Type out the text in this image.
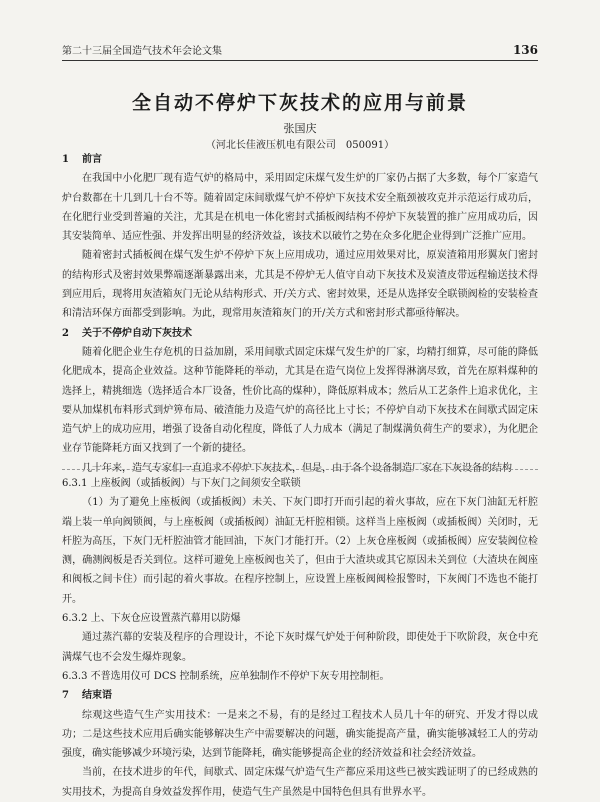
第二十三届全国造气技术年会论文集	136
全自动不停炉下灰技术的应用与前景
张国庆
（河北长佳液压机电有限公司　050091）
1 前言

在我国中小化肥厂现有造气炉的格局中，采用固定床煤气发生炉的厂家仍占据了大多数，每个厂家造气炉台数都在十几到几十台不等。随着固定床间歇煤气炉不停炉下灰技术安全瓶颈被攻克并示范运行成功后，在化肥行业受到普遍的关注，尤其是在机电一体化密封式插板阀结构不停炉下灰装置的推广应用成功后，因其安装简单、适应性强、并发挥出明显的经济效益，该技术以破竹之势在众多化肥企业得到广泛推广应用。

随着密封式插板阀在煤气发生炉不停炉下灰上应用成功，通过应用效果对比，原炭渣箱用形翼灰门密封的结构形式及密封效果弊端逐渐暴露出来，尤其是不停炉无人值守自动下灰技术及炭渣皮带远程输送技术得到应用后，现将用灰渣箱灰门无论从结构形式、开/关方式、密封效果，还是从选择安全联锁阀检的安装检查和清洁环保方面都受到影响。为此，现常用灰渣箱灰门的开/关方式和密封形式都亟待解决。

2 关于不停炉自动下灰技术

随着化肥企业生存危机的日益加剧，采用间歇式固定床煤气发生炉的厂家，均精打细算，尽可能的降低化肥成本，提高企业效益。这种节能降耗的举动，尤其是在造气岗位上发挥得淋漓尽致，首先在原料煤种的选择上，精挑细选（选择适合本厂设备，性价比高的煤种），降低原料成本；然后从工艺条件上追求优化，主要从加煤机布料形式到炉箅布局、破渣能力及造气炉的高径比上寸长；不停炉自动下灰技术在间歇式固定床造气炉上的成功应用，增强了设备自动化程度，降低了人力成本（满足了制煤满负荷生产的要求），为化肥企业存节能降耗方面又找到了一个新的捷径。

几十年来，造气专家们一直追求不停炉下灰技术，但是，由于各个设备制造厂家在下灰设备的结构

6.3.1 上座板阀（或插板阀）与下灰门之间须安全联锁

（1）为了避免上座板阀（或插板阀）未关、下灰门即打开而引起的着火事故，应在下灰门油缸无杆腔端上装一单向阀锁阀，与上座板阀（或插板阀）油缸无杆腔相锁。这样当上座板阀（或插板阀）关闭时，无杆腔为高压，下灰门无杆腔油管才能回油，下灰门才能打开。（2）上灰仓座板阀（或插板阀）应安装阀位检测，确测阀板是否关到位。这样可避免上座板阀也关了，但由于大渣块或其它原因未关到位（大渣块在阀座和阀板之间卡住）而引起的着火事故。在程序控制上，应设置上座板阀阀检报警时，下灰阀门不选也不能打开。

6.3.2 上、下灰仓应设置蒸汽幕用以防爆

通过蒸汽幕的安装及程序的合理设计，不论下灰时煤气炉处于何种阶段，即使处于下吹阶段，灰仓中充满煤气也不会发生爆炸现象。

6.3.3 不普选用仪可 DCS 控制系统，应单独制作不停炉下灰专用控制柜。
7 结束语

综观这些造气生产实用技术：一是来之不易，有的是经过工程技术人员几十年的研究、开发才得以成功；二是这些技术应用后确实能够解决生产中需要解决的问题，确实能提高产量，确实能够减轻工人的劳动强度，确实能够减少环境污染，达到节能降耗，确实能够提高企业的经济效益和社会经济效益。

当前，在技术进步的年代，间歇式、固定床煤气炉造气生产都应采用这些已被实践证明了的已经成熟的实用技术，为提高自身效益发挥作用，使造气生产虽然是中国特色但具有世界水平。
